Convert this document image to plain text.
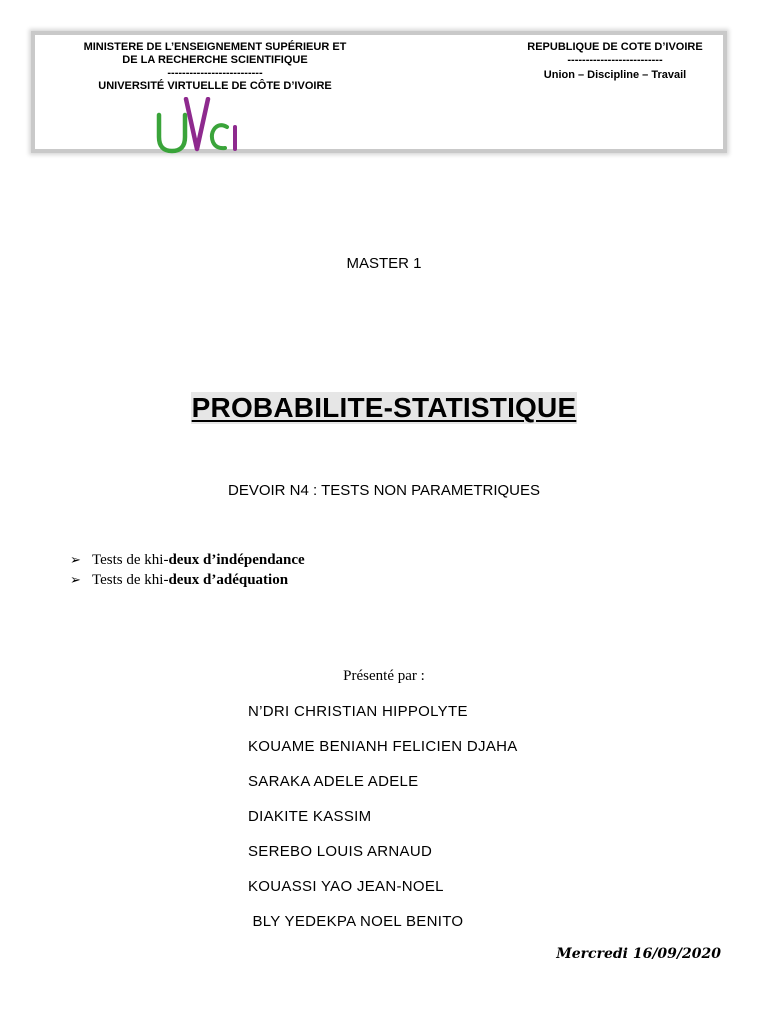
MINISTERE DE L’ENSEIGNEMENT SUPÉRIEUR ET
DE LA RECHERCHE SCIENTIFIQUE
--------------------------
UNIVERSITÉ VIRTUELLE DE CÔTE D’IVOIRE
REPUBLIQUE DE COTE D’IVOIRE
--------------------------
Union – Discipline – Travail
MASTER 1
PROBABILITE-STATISTIQUE
DEVOIR N4 : TESTS NON PARAMETRIQUES
➢ Tests de khi- deux d’indépendance
➢ Tests de khi- deux d’adéquation
Présenté par :
N’DRI CHRISTIAN HIPPOLYTE
KOUAME BENIANH FELICIEN DJAHA
SARAKA ADELE ADELE
DIAKITE KASSIM
SEREBO LOUIS ARNAUD
KOUASSI YAO JEAN-NOEL
BLY YEDEKPA NOEL BENITO
Mercredi 16/09/2020
